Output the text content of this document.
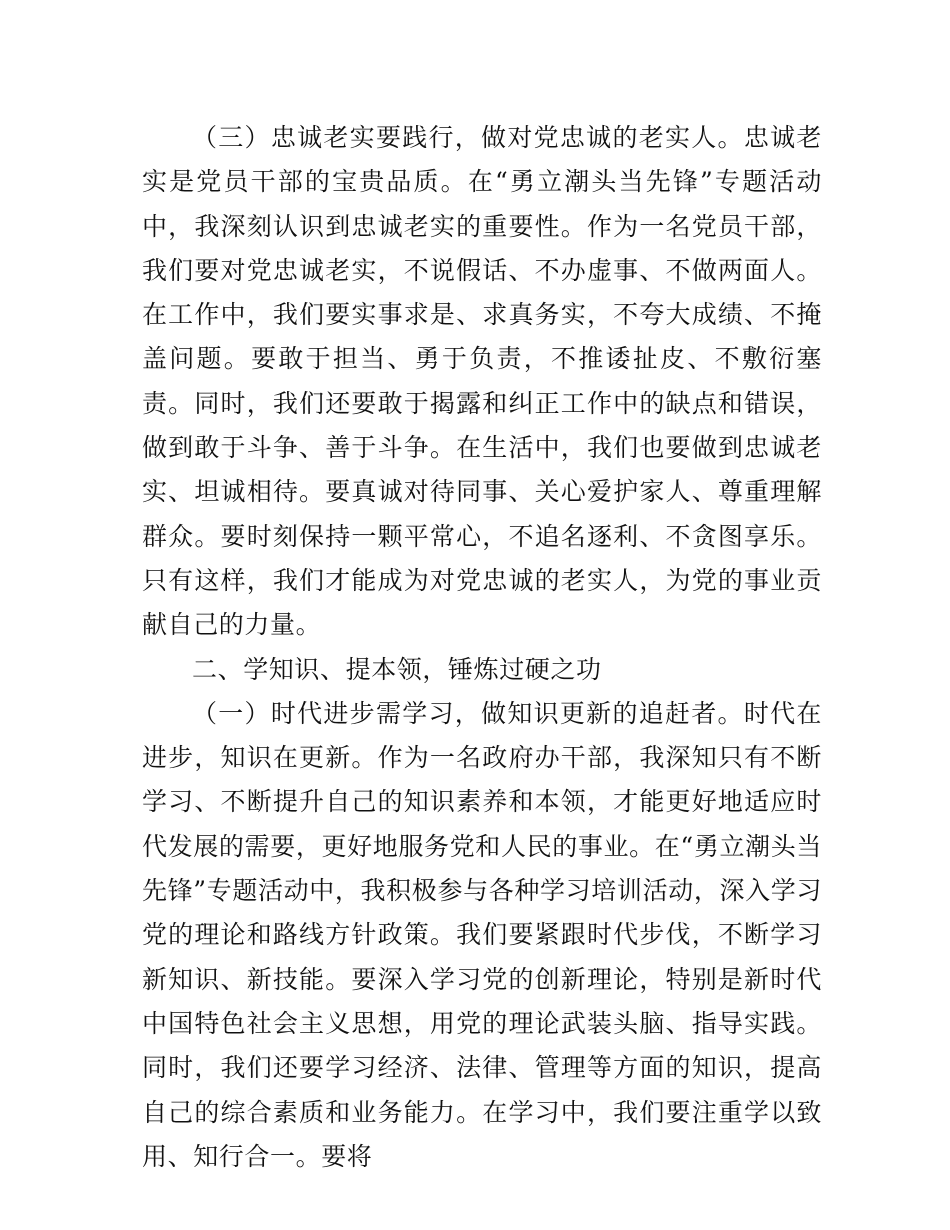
（三）忠诚老实要践行，做对党忠诚的老实人。忠诚老实是党员干部的宝贵品质。在“勇立潮头当先锋”专题活动中，我深刻认识到忠诚老实的重要性。作为一名党员干部，我们要对党忠诚老实，不说假话、不办虚事、不做两面人。在工作中，我们要实事求是、求真务实，不夸大成绩、不掩盖问题。要敢于担当、勇于负责，不推诿扯皮、不敷衍塞责。同时，我们还要敢于揭露和纠正工作中的缺点和错误，做到敢于斗争、善于斗争。在生活中，我们也要做到忠诚老实、坦诚相待。要真诚对待同事、关心爱护家人、尊重理解群众。要时刻保持一颗平常心，不追名逐利、不贪图享乐。只有这样，我们才能成为对党忠诚的老实人，为党的事业贡献自己的力量。

二、学知识、提本领，锤炼过硬之功

（一）时代进步需学习，做知识更新的追赶者。时代在进步，知识在更新。作为一名政府办干部，我深知只有不断学习、不断提升自己的知识素养和本领，才能更好地适应时代发展的需要，更好地服务党和人民的事业。在“勇立潮头当先锋”专题活动中，我积极参与各种学习培训活动，深入学习党的理论和路线方针政策。我们要紧跟时代步伐，不断学习新知识、新技能。要深入学习党的创新理论，特别是新时代中国特色社会主义思想，用党的理论武装头脑、指导实践。同时，我们还要学习经济、法律、管理等方面的知识，提高自己的综合素质和业务能力。在学习中，我们要注重学以致用、知行合一。要将
